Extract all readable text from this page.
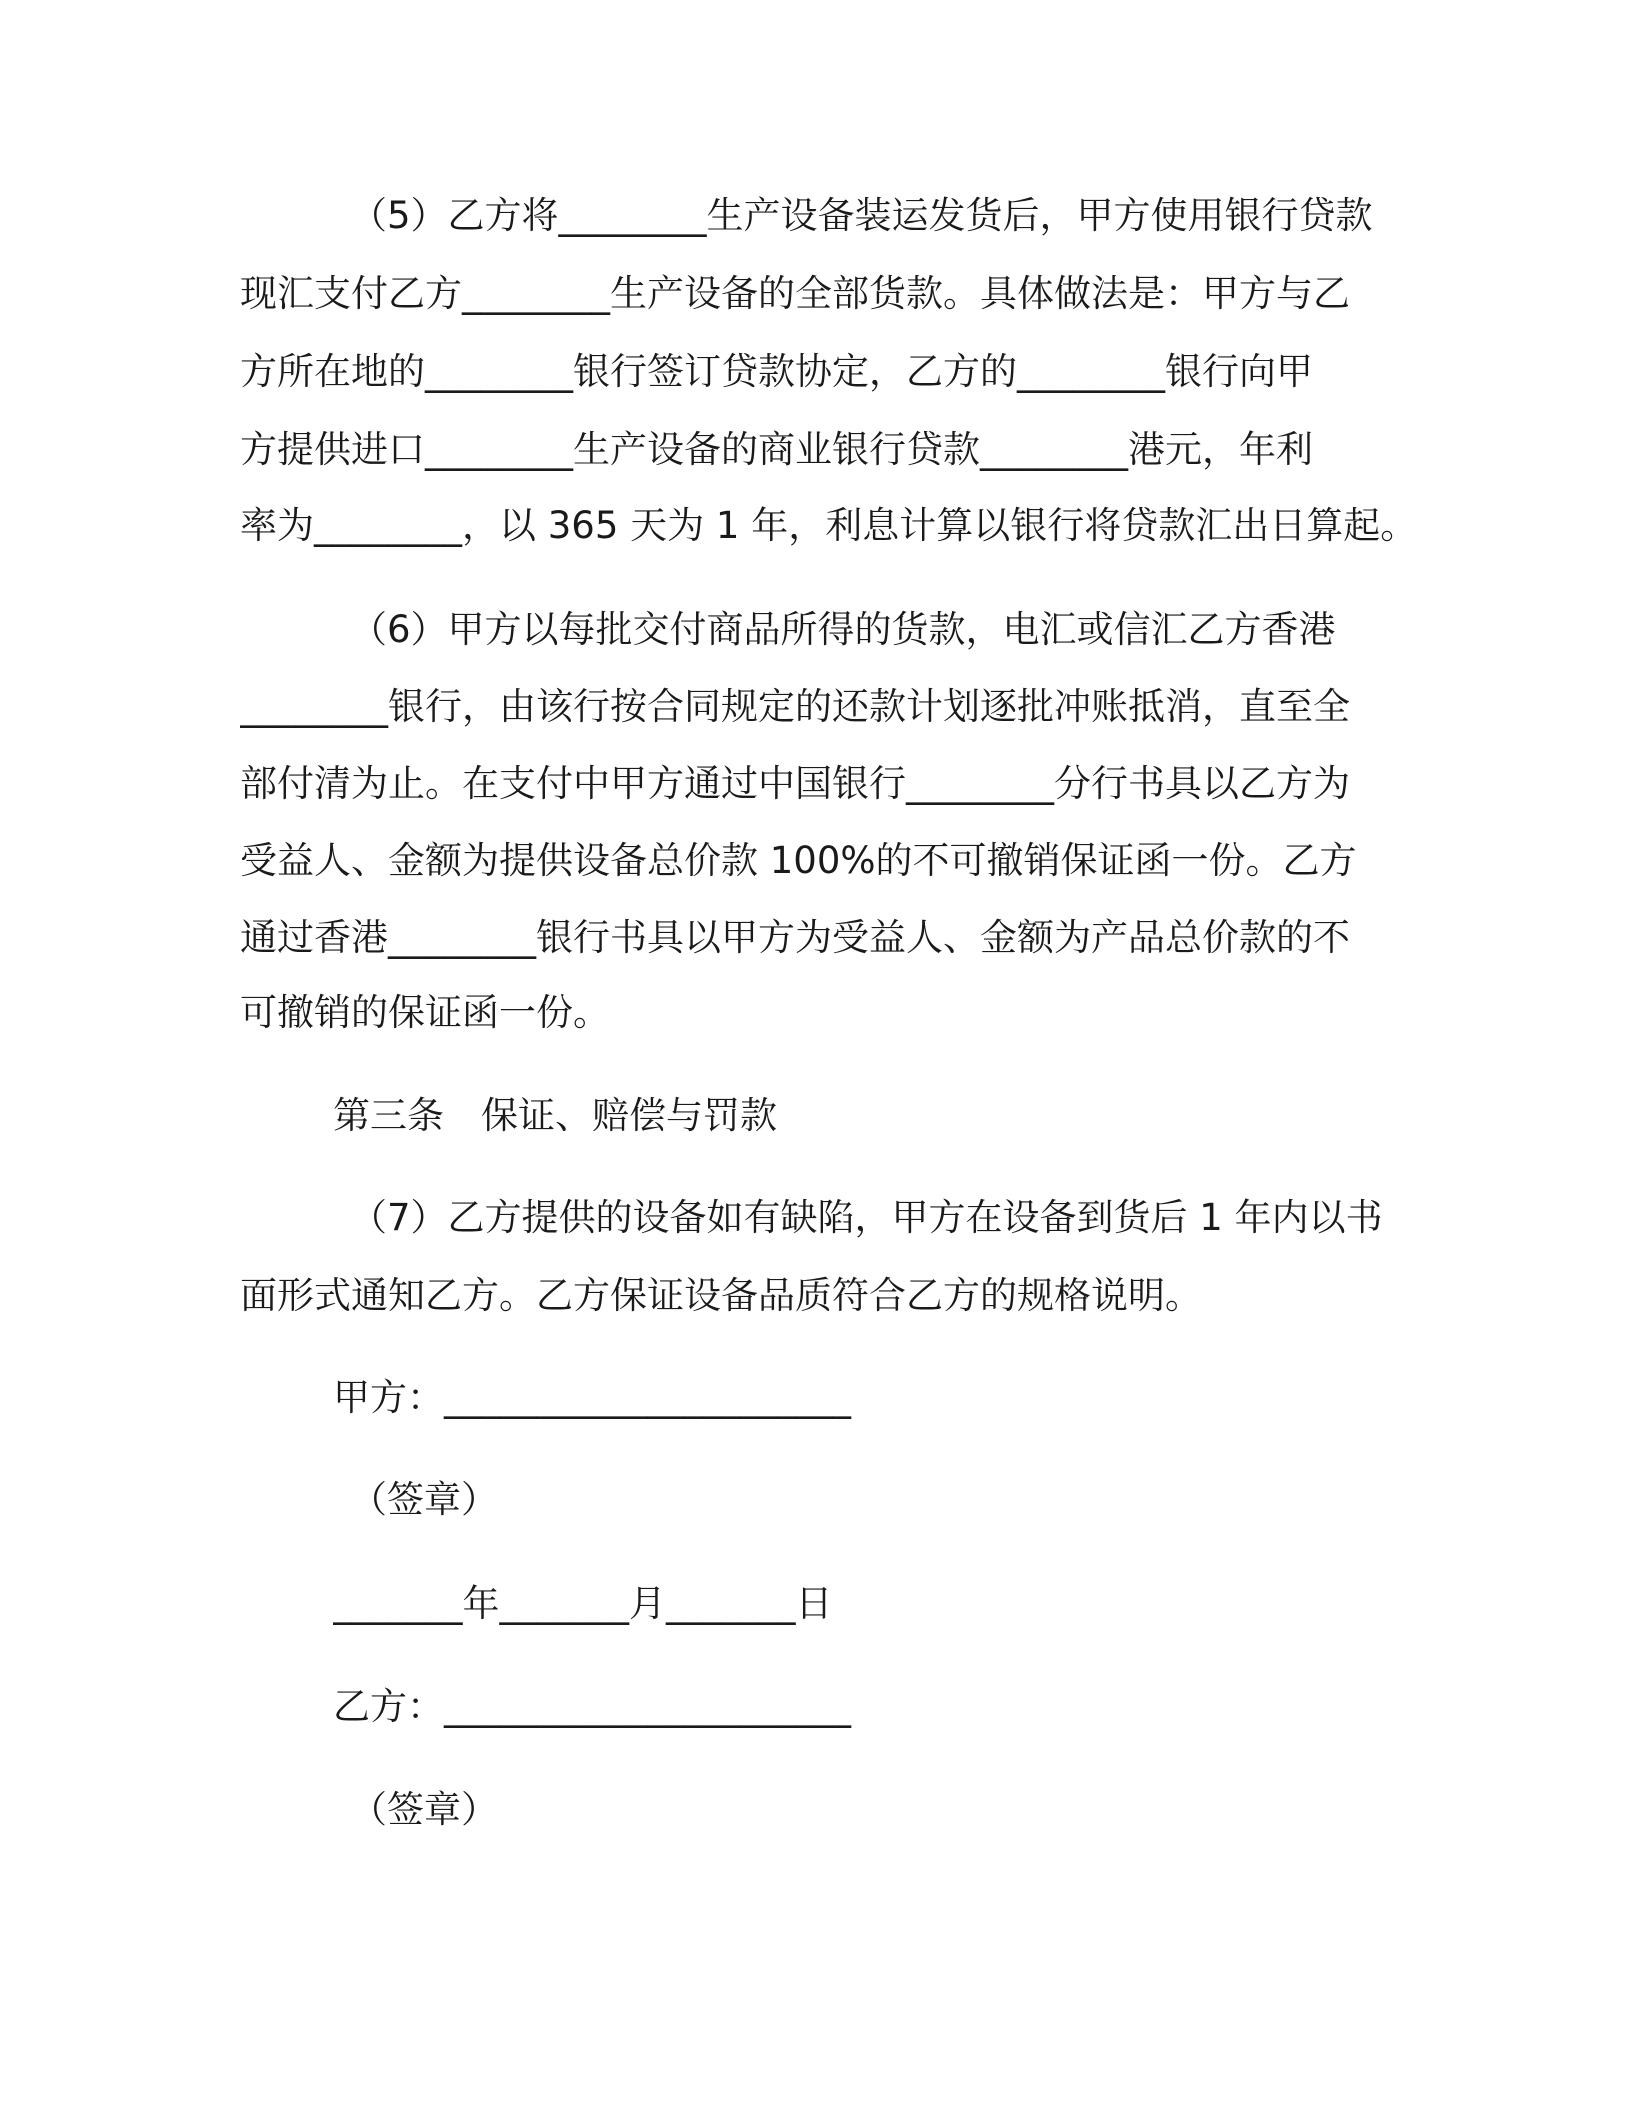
（5）乙方将________生产设备装运发货后，甲方使用银行贷款
现汇支付乙方________生产设备的全部货款。具体做法是：甲方与乙
方所在地的________银行签订贷款协定，乙方的________银行向甲
方提供进口________生产设备的商业银行贷款________港元，年利
率为________，以 365 天为 1 年，利息计算以银行将贷款汇出日算起。
（6）甲方以每批交付商品所得的货款，电汇或信汇乙方香港
________银行，由该行按合同规定的还款计划逐批冲账抵消，直至全
部付清为止。在支付中甲方通过中国银行________分行书具以乙方为
受益人、金额为提供设备总价款 100%的不可撤销保证函一份。乙方
通过香港________银行书具以甲方为受益人、金额为产品总价款的不
可撤销的保证函一份。
第三条　保证、赔偿与罚款
（7）乙方提供的设备如有缺陷，甲方在设备到货后 1 年内以书
面形式通知乙方。乙方保证设备品质符合乙方的规格说明。
甲方：______________________
（签章）
_______年_______月_______日
乙方：______________________
（签章）
